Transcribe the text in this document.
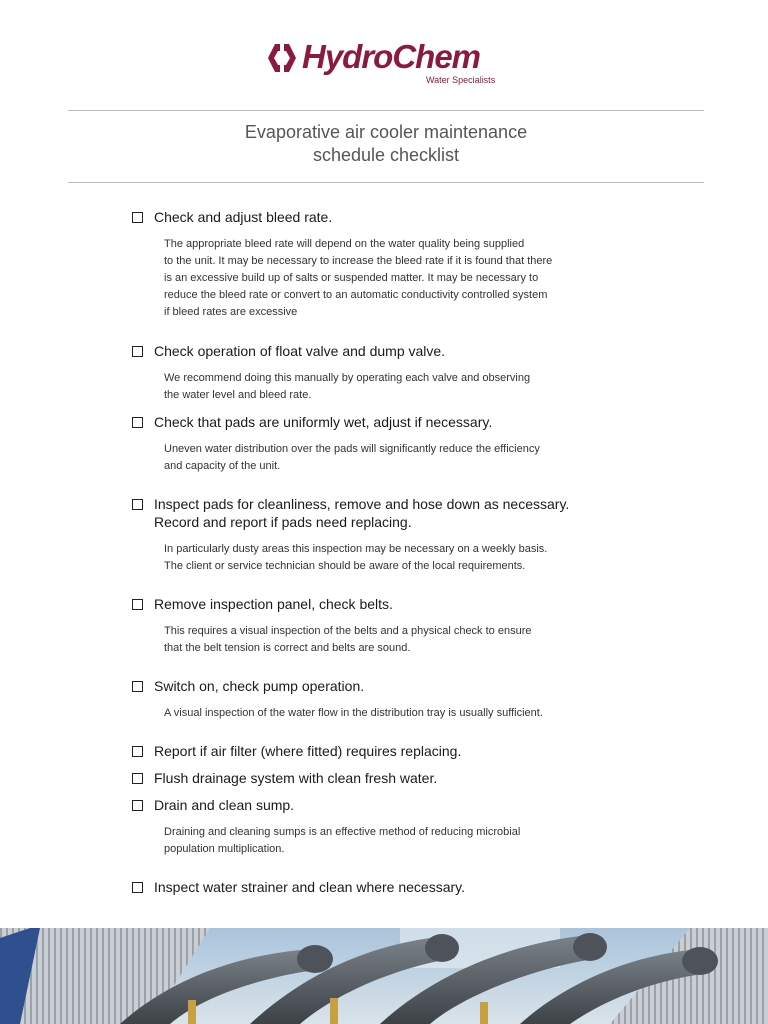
HydroChem
Water Specialists
Evaporative air cooler maintenance schedule checklist
Check and adjust bleed rate.
The appropriate bleed rate will depend on the water quality being supplied
to the unit. It may be necessary to increase the bleed rate if it is found that there
is an excessive build up of salts or suspended matter. It may be necessary to
reduce the bleed rate or convert to an automatic conductivity controlled system
if bleed rates are excessive
Check operation of float valve and dump valve.
We recommend doing this manually by operating each valve and observing
the water level and bleed rate.
Check that pads are uniformly wet, adjust if necessary.
Uneven water distribution over the pads will significantly reduce the efficiency
and capacity of the unit.
Inspect pads for cleanliness, remove and hose down as necessary.
Record and report if pads need replacing.
In particularly dusty areas this inspection may be necessary on a weekly basis.
The client or service technician should be aware of the local requirements.
Remove inspection panel, check belts.
This requires a visual inspection of the belts and a physical check to ensure
that the belt tension is correct and belts are sound.
Switch on, check pump operation.
A visual inspection of the water flow in the distribution tray is usually sufficient.
Report if air filter (where fitted) requires replacing.
Flush drainage system with clean fresh water.
Drain and clean sump.
Draining and cleaning sumps is an effective method of reducing microbial
population multiplication.
Inspect water strainer and clean where necessary.
